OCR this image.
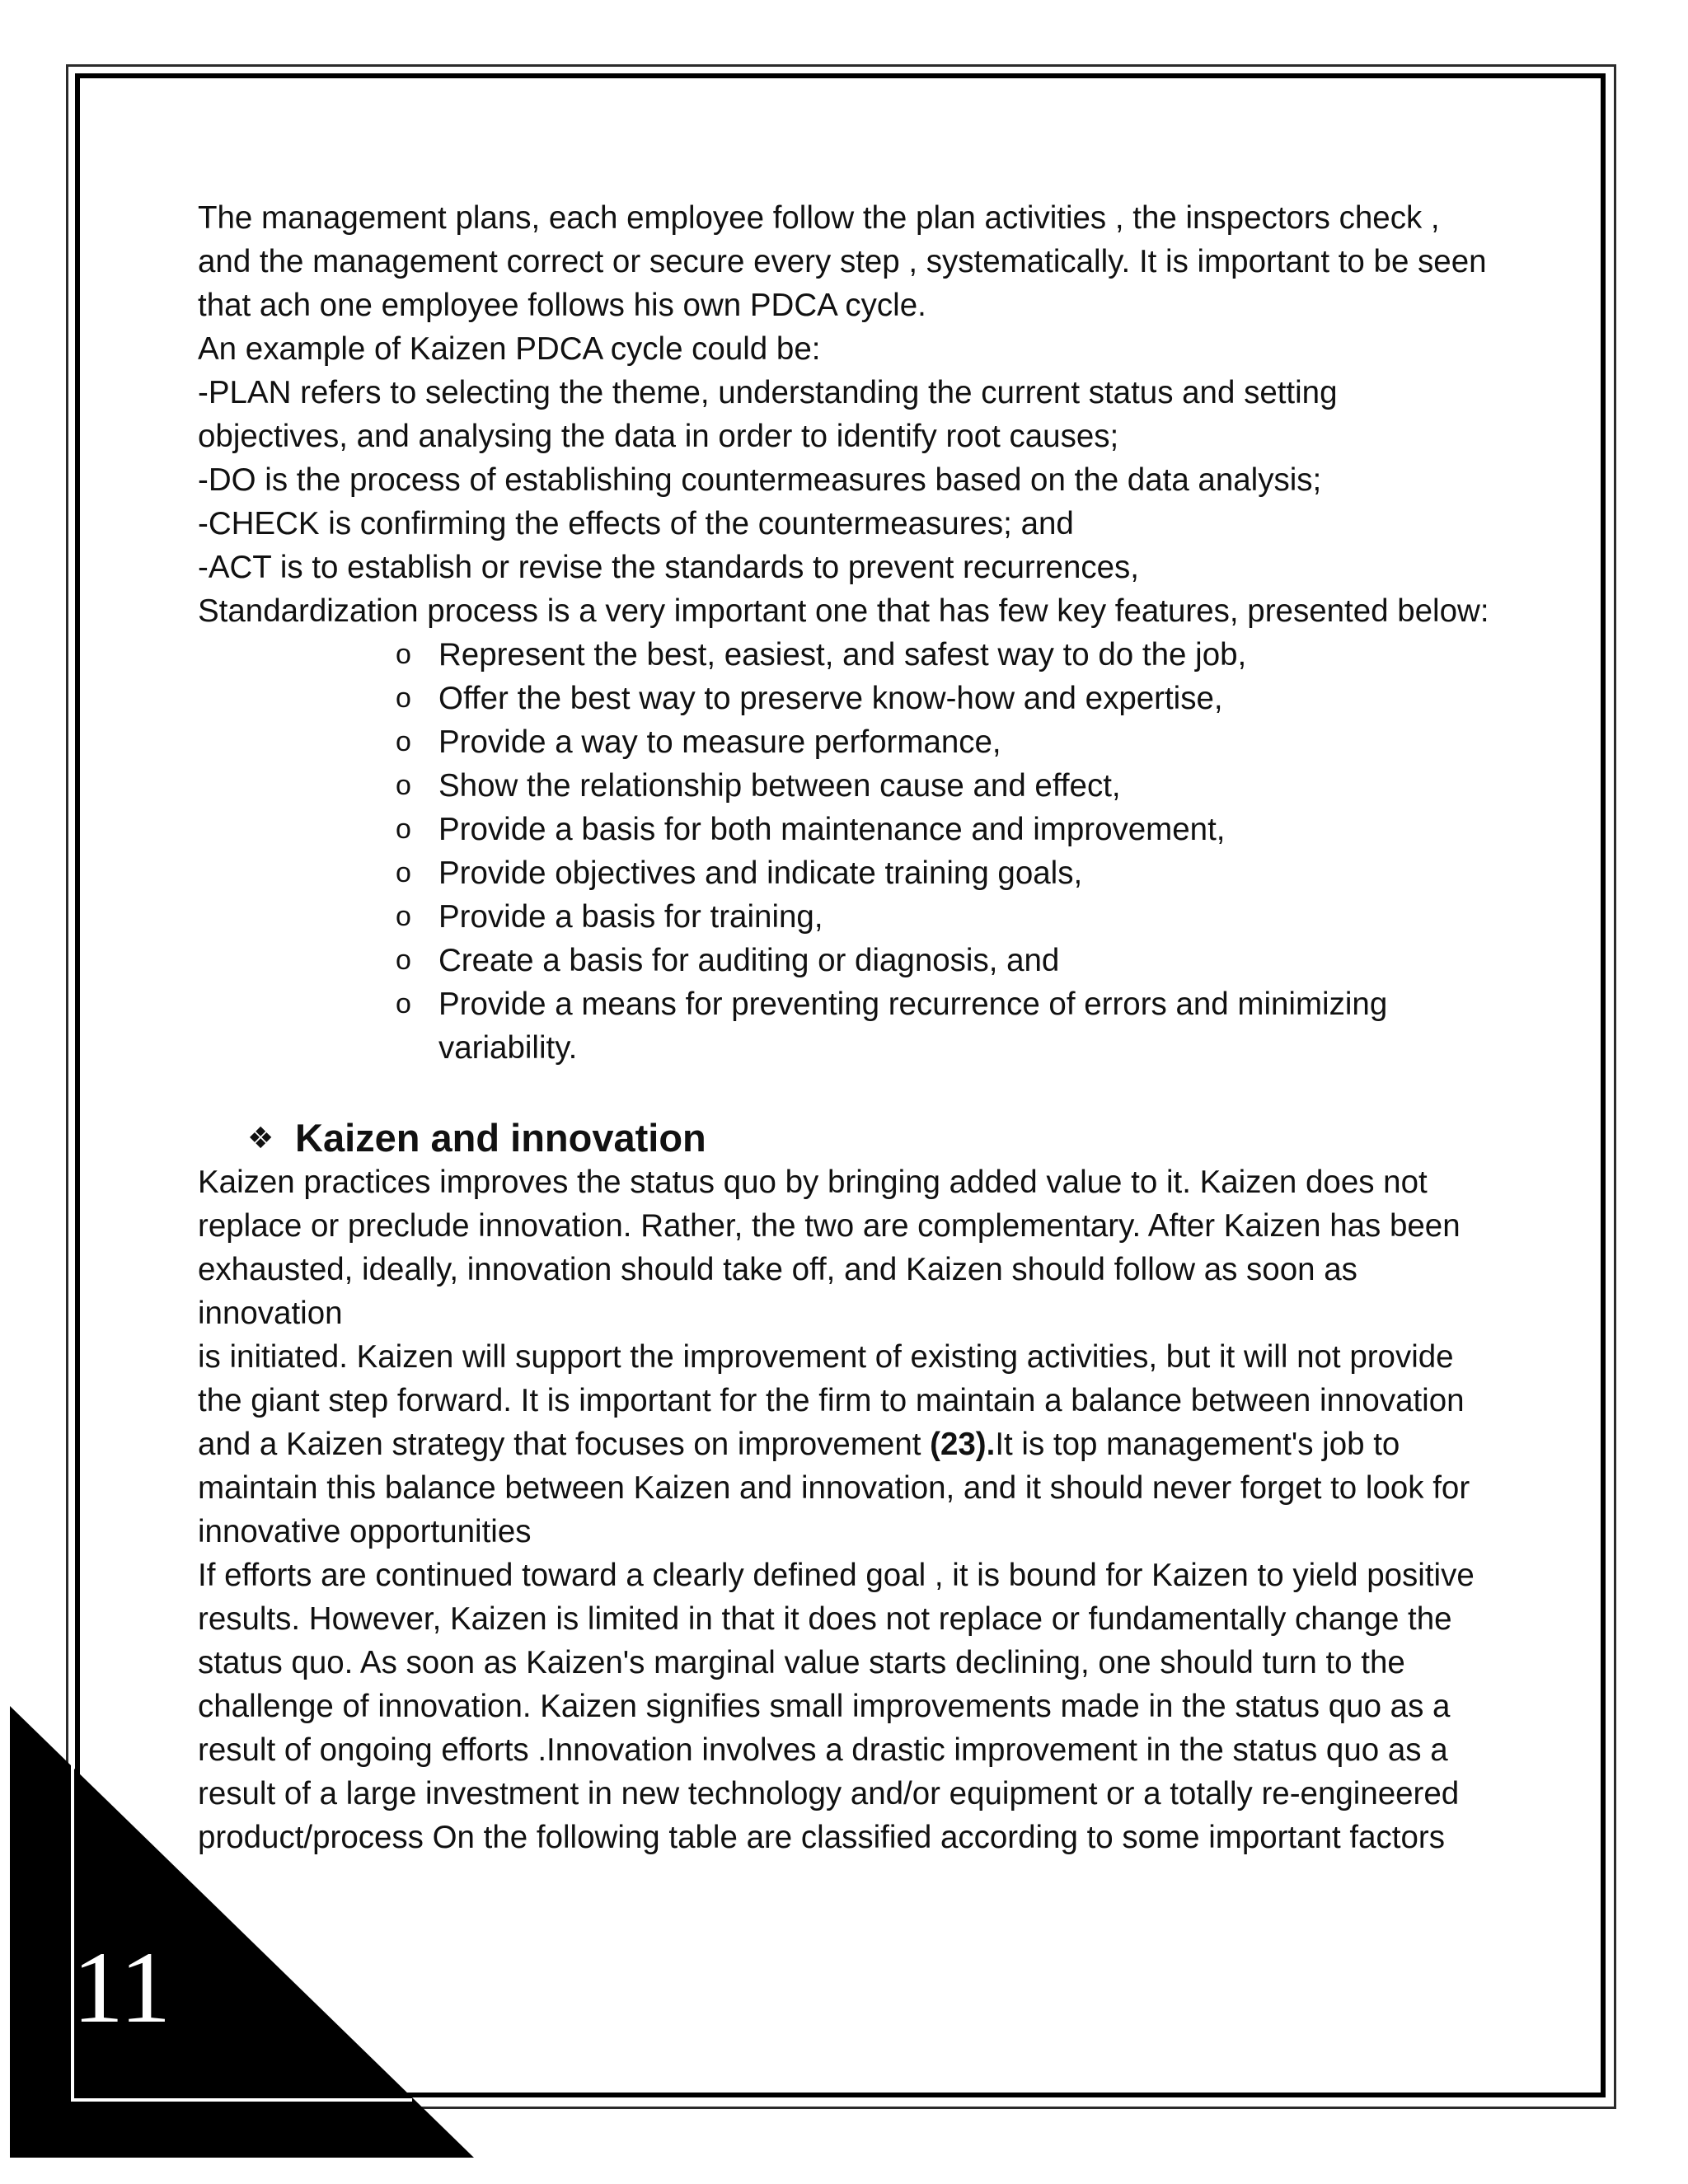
The management plans, each employee follow the plan activities , the inspectors check , and the management correct or secure every step , systematically. It is important to be seen that ach one employee follows his own PDCA cycle.

An example of Kaizen PDCA cycle could be:

-PLAN refers to selecting the theme, understanding the current status and setting objectives, and analysing the data in order to identify root causes;

-DO is the process of establishing countermeasures based on the data analysis;

-CHECK is confirming the effects of the countermeasures; and

-ACT is to establish or revise the standards to prevent recurrences,

Standardization process is a very important one that has few key features, presented below:

o Represent the best, easiest, and safest way to do the job,
o Offer the best way to preserve know-how and expertise,
o Provide a way to measure performance,
o Show the relationship between cause and effect,
o Provide a basis for both maintenance and improvement,
o Provide objectives and indicate training goals,
o Provide a basis for training,
o Create a basis for auditing or diagnosis, and
o Provide a means for preventing recurrence of errors and minimizing variability.
❖ Kaizen and innovation

Kaizen practices improves the status quo by bringing added value to it. Kaizen does not replace or preclude innovation. Rather, the two are complementary. After Kaizen has been exhausted, ideally, innovation should take off, and Kaizen should follow as soon as innovation

is initiated. Kaizen will support the improvement of existing activities, but it will not provide the giant step forward. It is important for the firm to maintain a balance between innovation and a Kaizen strategy that focuses on improvement (23).It is top management's job to maintain this balance between Kaizen and innovation, and it should never forget to look for innovative opportunities

If efforts are continued toward a clearly defined goal , it is bound for Kaizen to yield positive results. However, Kaizen is limited in that it does not replace or fundamentally change the status quo. As soon as Kaizen's marginal value starts declining, one should turn to the challenge of innovation. Kaizen signifies small improvements made in the status quo as a result of ongoing efforts .Innovation involves a drastic improvement in the status quo as a result of a large investment in new technology and/or equipment or a totally re-engineered product/process On the following table are classified according to some important factors

11
